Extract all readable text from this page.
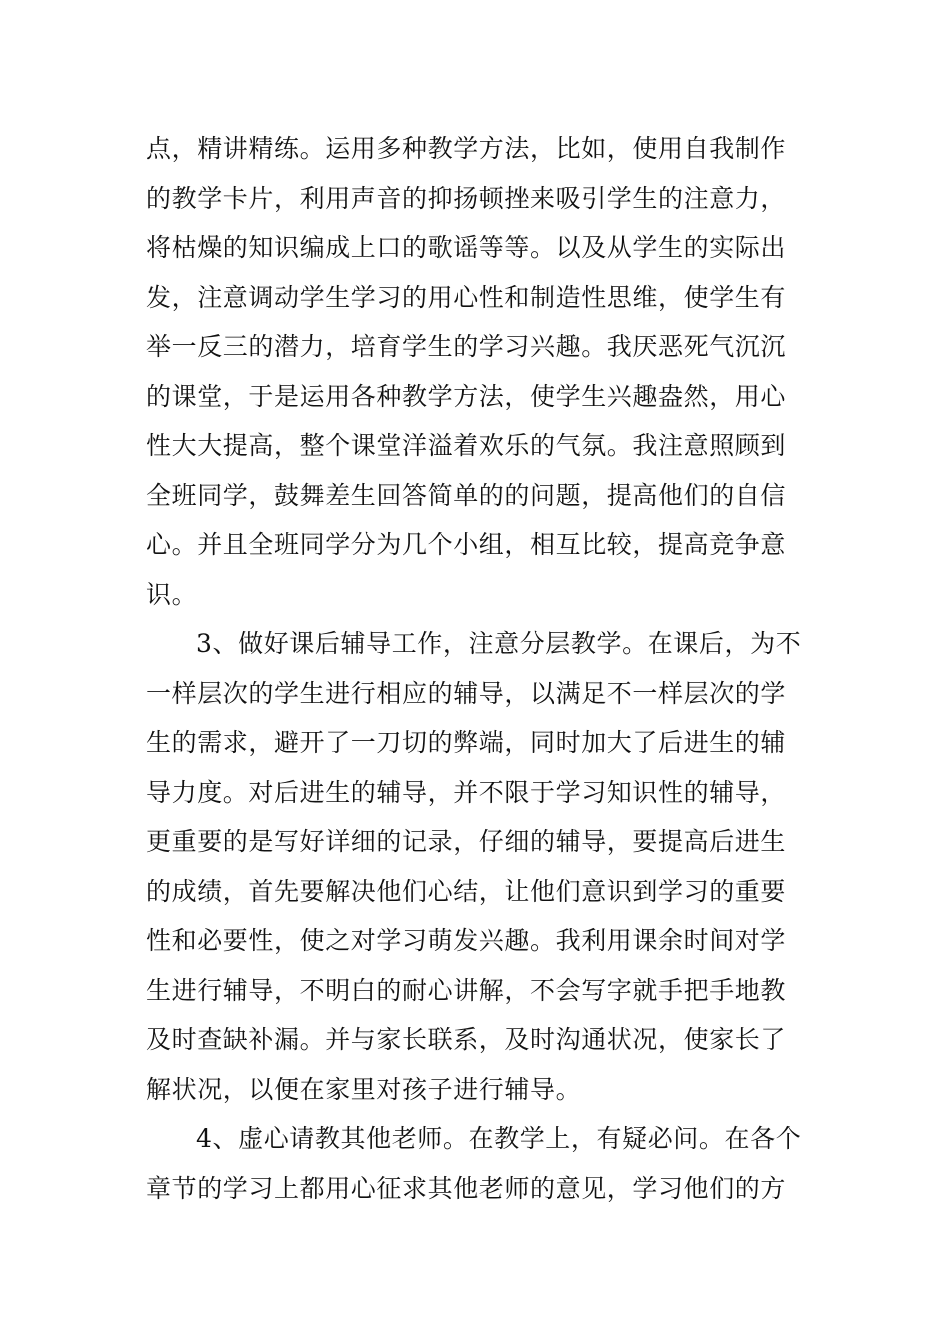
点，精讲精练。运用多种教学方法，比如，使用自我制作
的教学卡片，利用声音的抑扬顿挫来吸引学生的注意力，
将枯燥的知识编成上口的歌谣等等。以及从学生的实际出
发，注意调动学生学习的用心性和制造性思维，使学生有
举一反三的潜力，培育学生的学习兴趣。我厌恶死气沉沉
的课堂，于是运用各种教学方法，使学生兴趣盎然，用心
性大大提高，整个课堂洋溢着欢乐的气氛。我注意照顾到
全班同学，鼓舞差生回答简单的的问题，提高他们的自信
心。并且全班同学分为几个小组，相互比较，提高竞争意
识。
3、做好课后辅导工作，注意分层教学。在课后，为不
一样层次的学生进行相应的辅导，以满足不一样层次的学
生的需求，避开了一刀切的弊端，同时加大了后进生的辅
导力度。对后进生的辅导，并不限于学习知识性的辅导，
更重要的是写好详细的记录，仔细的辅导，要提高后进生
的成绩，首先要解决他们心结，让他们意识到学习的重要
性和必要性，使之对学习萌发兴趣。我利用课余时间对学
生进行辅导，不明白的耐心讲解，不会写字就手把手地教
及时查缺补漏。并与家长联系，及时沟通状况，使家长了
解状况，以便在家里对孩子进行辅导。
4、虚心请教其他老师。在教学上，有疑必问。在各个
章节的学习上都用心征求其他老师的意见，学习他们的方
